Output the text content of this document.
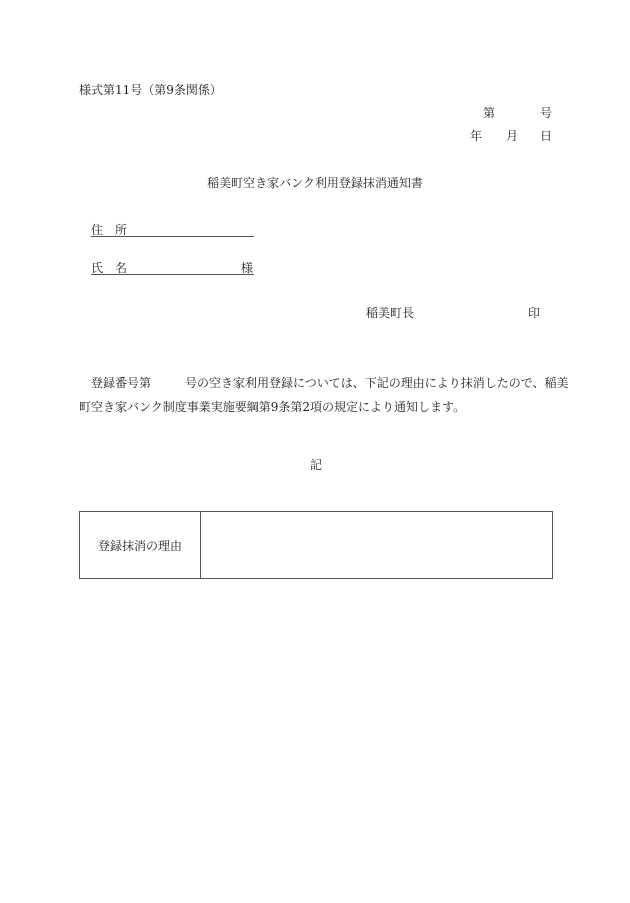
様式第11号（第9条関係）
第	号
年 月 日
稲美町空き家バンク利用登録抹消通知書
住　所
氏　名	様
稲美町長	印
登録番号第	号の空き家利用登録については、下記の理由により抹消したので、稲美
町空き家バンク制度事業実施要綱第9条第2項の規定により通知します。
記
登録抹消の理由	
